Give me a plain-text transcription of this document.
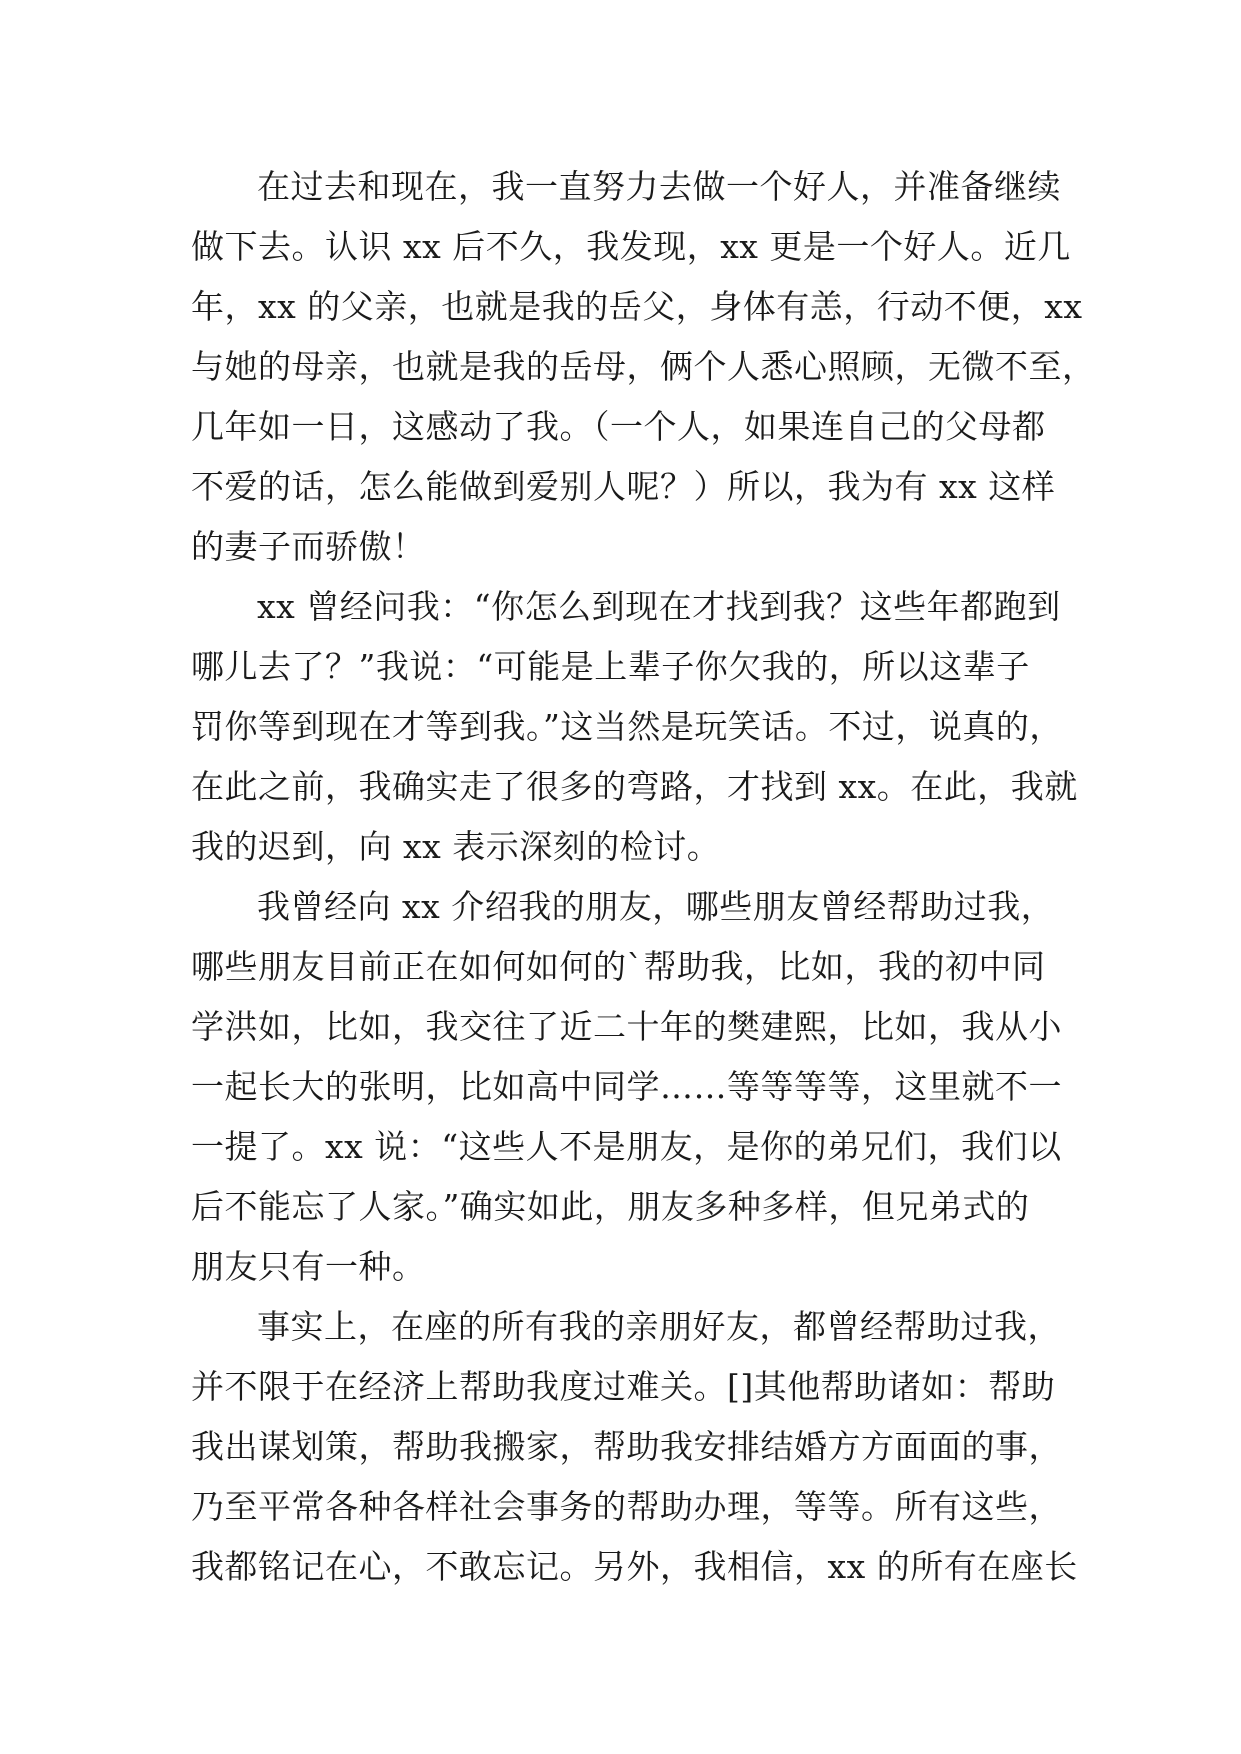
在过去和现在，我一直努力去做一个好人，并准备继续
做下去。认识 xx 后不久，我发现，xx 更是一个好人。近几
年，xx 的父亲，也就是我的岳父，身体有恙，行动不便，xx
与她的母亲，也就是我的岳母，俩个人悉心照顾，无微不至，
几年如一日，这感动了我。（一个人，如果连自己的父母都
不爱的话，怎么能做到爱别人呢？）所以，我为有 xx 这样
的妻子而骄傲！

xx 曾经问我：“你怎么到现在才找到我？这些年都跑到
哪儿去了？”我说：“可能是上辈子你欠我的，所以这辈子
罚你等到现在才等到我。”这当然是玩笑话。不过，说真的，
在此之前，我确实走了很多的弯路，才找到 xx。在此，我就
我的迟到，向 xx 表示深刻的检讨。

我曾经向 xx 介绍我的朋友，哪些朋友曾经帮助过我，
哪些朋友目前正在如何如何的`帮助我，比如，我的初中同
学洪如，比如，我交往了近二十年的樊建熙，比如，我从小
一起长大的张明，比如高中同学……等等等等，这里就不一
一提了。xx 说：“这些人不是朋友，是你的弟兄们，我们以
后不能忘了人家。”确实如此，朋友多种多样，但兄弟式的
朋友只有一种。

事实上，在座的所有我的亲朋好友，都曾经帮助过我，
并不限于在经济上帮助我度过难关。[]其他帮助诸如：帮助
我出谋划策，帮助我搬家，帮助我安排结婚方方面面的事，
乃至平常各种各样社会事务的帮助办理，等等。所有这些，
我都铭记在心，不敢忘记。另外，我相信，xx 的所有在座长
